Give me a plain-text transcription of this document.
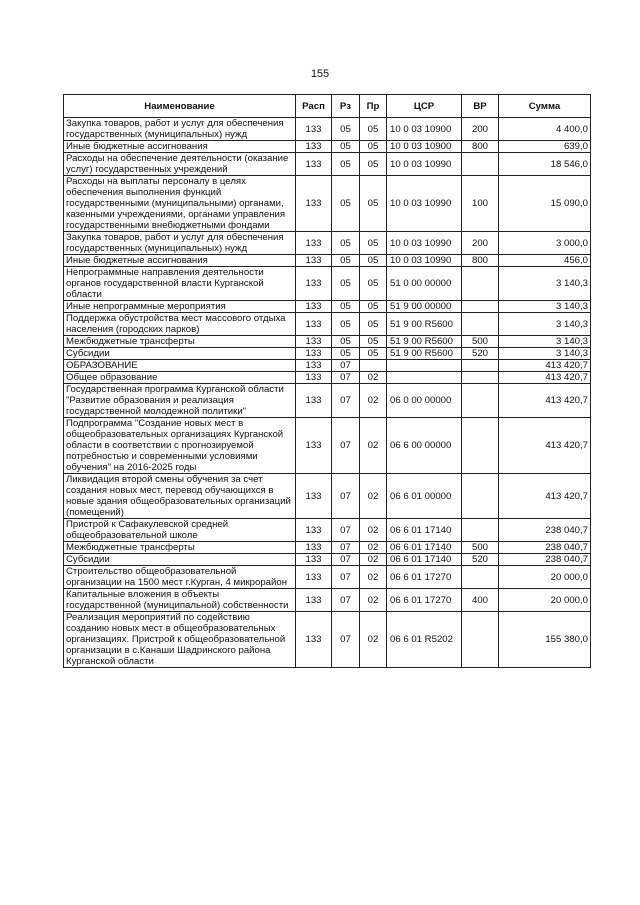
155
Наименование	Расп	Рз	Пр	ЦСР	ВР	Сумма
Закупка товаров, работ и услуг для обеспечения государственных (муниципальных) нужд	133	05	05	10 0 03 10900	200	4 400,0
Иные бюджетные ассигнования	133	05	05	10 0 03 10900	800	639,0
Расходы на обеспечение деятельности (оказание услуг) государственных учреждений	133	05	05	10 0 03 10990		18 546,0
Расходы на выплаты персоналу в целях обеспечения выполнения функций государственными (муниципальными) органами, казенными учреждениями, органами управления государственными внебюджетными фондами	133	05	05	10 0 03 10990	100	15 090,0
Закупка товаров, работ и услуг для обеспечения государственных (муниципальных) нужд	133	05	05	10 0 03 10990	200	3 000,0
Иные бюджетные ассигнования	133	05	05	10 0 03 10990	800	456,0
Непрограммные направления деятельности органов государственной власти Курганской области	133	05	05	51 0 00 00000		3 140,3
Иные непрограммные мероприятия	133	05	05	51 9 00 00000		3 140,3
Поддержка обустройства мест массового отдыха населения (городских парков)	133	05	05	51 9 00 R5600		3 140,3
Межбюджетные трансферты	133	05	05	51 9 00 R5600	500	3 140,3
Субсидии	133	05	05	51 9 00 R5600	520	3 140,3
ОБРАЗОВАНИЕ	133	07				413 420,7
Общее образование	133	07	02			413 420,7
Государственная программа Курганской области "Развитие образования и реализация государственной молодежной политики"	133	07	02	06 0 00 00000		413 420,7
Подпрограмма "Создание новых мест в общеобразовательных организациях Курганской области в соответствии с прогнозируемой потребностью и современными условиями обучения" на 2016-2025 годы	133	07	02	06 6 00 00000		413 420,7
Ликвидация второй смены обучения за счет создания новых мест, перевод обучающихся в новые здания общеобразовательных организаций (помещений)	133	07	02	06 6 01 00000		413 420,7
Пристрой к Сафакулевской средней общеобразовательной школе	133	07	02	06 6 01 17140		238 040,7
Межбюджетные трансферты	133	07	02	06 6 01 17140	500	238 040,7
Субсидии	133	07	02	06 6 01 17140	520	238 040,7
Строительство общеобразовательной организации на 1500 мест г.Курган, 4 микрорайон	133	07	02	06 6 01 17270		20 000,0
Капитальные вложения в объекты государственной (муниципальной) собственности	133	07	02	06 6 01 17270	400	20 000,0
Реализация мероприятий по содействию созданию новых мест в общеобразовательных организациях. Пристрой к общеобразовательной организации в с.Канаши Шадринского района Курганской области	133	07	02	06 6 01 R5202		155 380,0
